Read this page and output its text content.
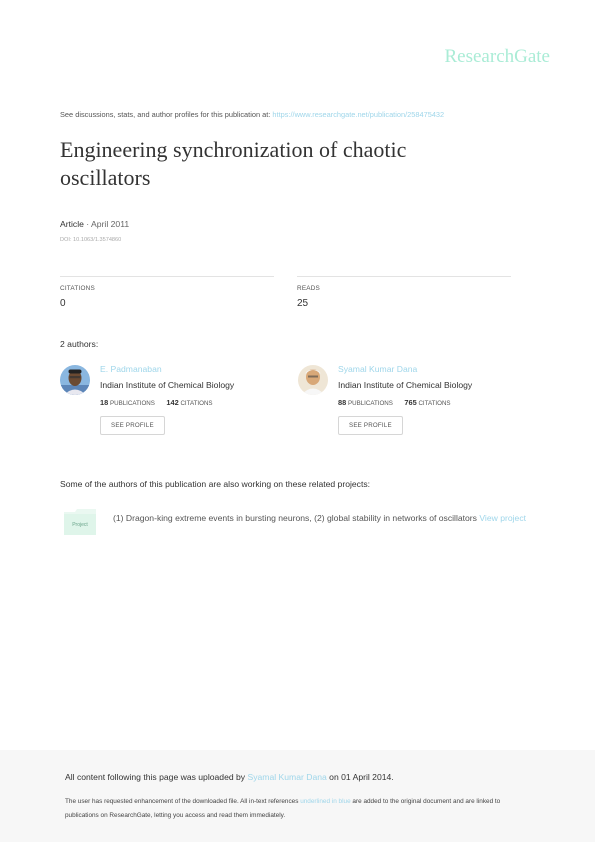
ResearchGate
See discussions, stats, and author profiles for this publication at: https://www.researchgate.net/publication/258475432
Engineering synchronization of chaotic oscillators
Article · April 2011
DOI: 10.1063/1.3574860
CITATIONS
0
READS
25
2 authors:
E. Padmanaban
Indian Institute of Chemical Biology
18 PUBLICATIONS 142 CITATIONS
SEE PROFILE
Syamal Kumar Dana
Indian Institute of Chemical Biology
88 PUBLICATIONS 765 CITATIONS
SEE PROFILE
Some of the authors of this publication are also working on these related projects:
Project
(1) Dragon-king extreme events in bursting neurons, (2) global stability in networks of oscillators View project
All content following this page was uploaded by Syamal Kumar Dana on 01 April 2014.
The user has requested enhancement of the downloaded file. All in-text references underlined in blue are added to the original document and are linked to publications on ResearchGate, letting you access and read them immediately.
